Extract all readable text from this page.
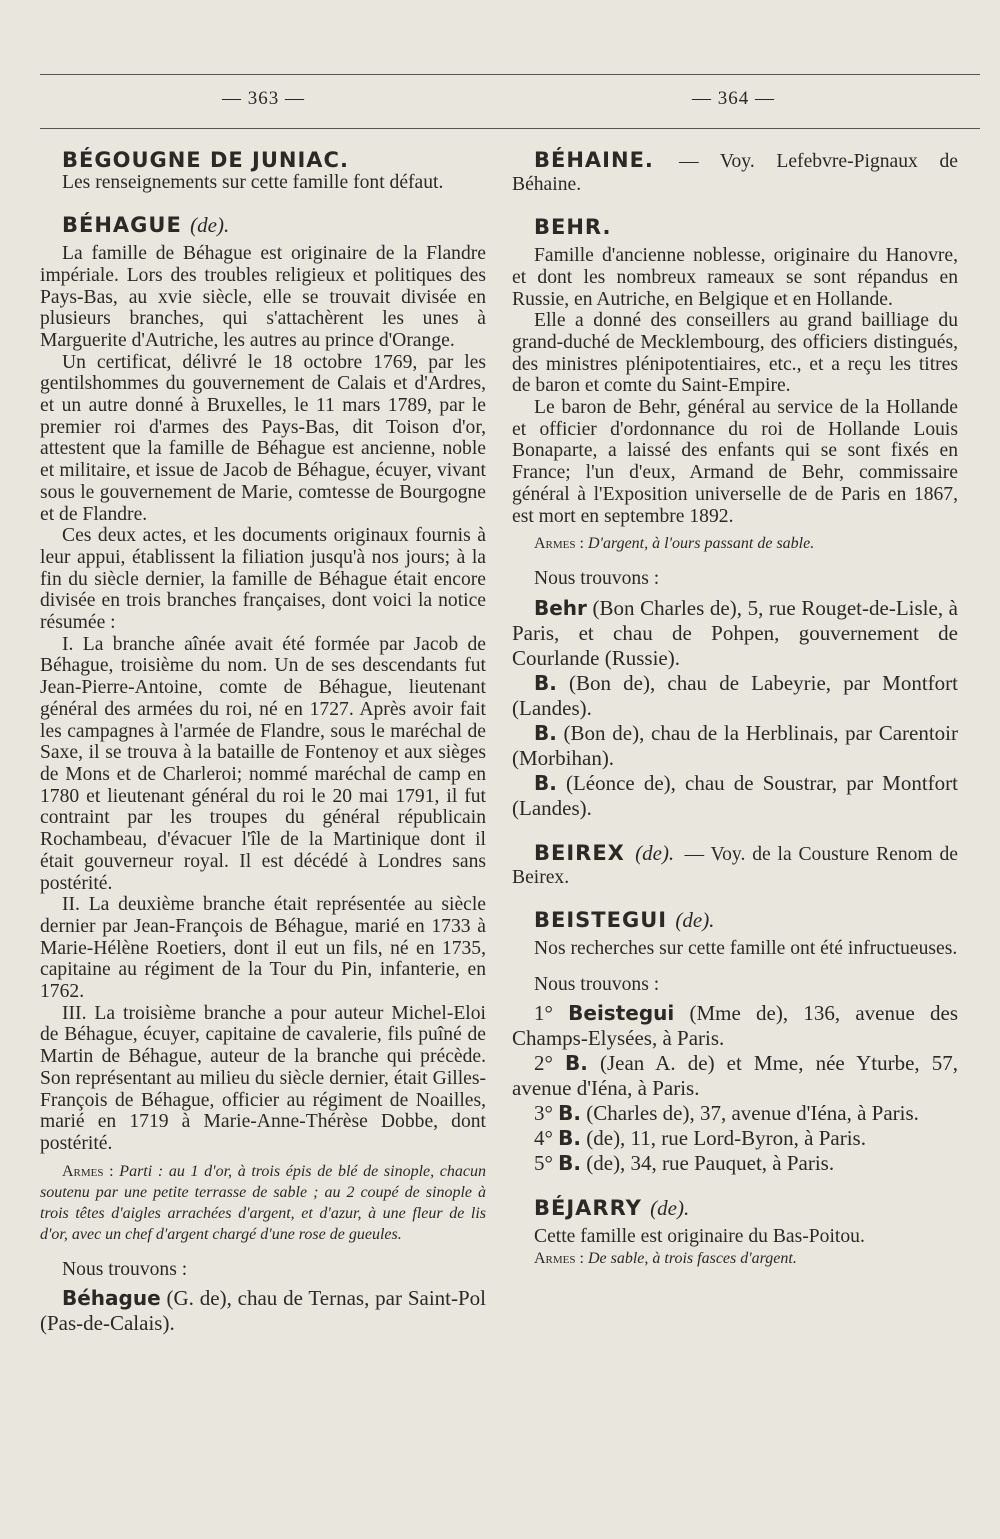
— 363 —	— 364 —

BÉGOUGNE DE JUNIAC.

Les renseignements sur cette famille font défaut.

BÉHAGUE (de).

La famille de Béhague est originaire de la Flandre impériale. Lors des troubles religieux et politiques des Pays-Bas, au xvie siècle, elle se trouvait divisée en plusieurs branches, qui s'attachèrent les unes à Marguerite d'Autriche, les autres au prince d'Orange.

Un certificat, délivré le 18 octobre 1769, par les gentilshommes du gouvernement de Calais et d'Ardres, et un autre donné à Bruxelles, le 11 mars 1789, par le premier roi d'armes des Pays-Bas, dit Toison d'or, attestent que la famille de Béhague est ancienne, noble et militaire, et issue de Jacob de Béhague, écuyer, vivant sous le gouvernement de Marie, comtesse de Bourgogne et de Flandre.

Ces deux actes, et les documents originaux fournis à leur appui, établissent la filiation jusqu'à nos jours; à la fin du siècle dernier, la famille de Béhague était encore divisée en trois branches françaises, dont voici la notice résumée :

I. La branche aînée avait été formée par Jacob de Béhague, troisième du nom. Un de ses descendants fut Jean-Pierre-Antoine, comte de Béhague, lieutenant général des armées du roi, né en 1727. Après avoir fait les campagnes à l'armée de Flandre, sous le maréchal de Saxe, il se trouva à la bataille de Fontenoy et aux sièges de Mons et de Charleroi; nommé maréchal de camp en 1780 et lieutenant général du roi le 20 mai 1791, il fut contraint par les troupes du général républicain Rochambeau, d'évacuer l'île de la Martinique dont il était gouverneur royal. Il est décédé à Londres sans postérité.

II. La deuxième branche était représentée au siècle dernier par Jean-François de Béhague, marié en 1733 à Marie-Hélène Roetiers, dont il eut un fils, né en 1735, capitaine au régiment de la Tour du Pin, infanterie, en 1762.

III. La troisième branche a pour auteur Michel-Eloi de Béhague, écuyer, capitaine de cavalerie, fils puîné de Martin de Béhague, auteur de la branche qui précède. Son représentant au milieu du siècle dernier, était Gilles-François de Béhague, officier au régiment de Noailles, marié en 1719 à Marie-Anne-Thérèse Dobbe, dont postérité.

Armes : Parti : au 1 d'or, à trois épis de blé de sinople, chacun soutenu par une petite terrasse de sable ; au 2 coupé de sinople à trois têtes d'aigles arrachées d'argent, et d'azur, à une fleur de lis d'or, avec un chef d'argent chargé d'une rose de gueules.

Nous trouvons :

Béhague (G. de), chau de Ternas, par Saint-Pol (Pas-de-Calais).

BÉHAINE. — Voy. Lefebvre-Pignaux de Béhaine.

BEHR.

Famille d'ancienne noblesse, originaire du Hanovre, et dont les nombreux rameaux se sont répandus en Russie, en Autriche, en Belgique et en Hollande.

Elle a donné des conseillers au grand bailliage du grand-duché de Mecklembourg, des officiers distingués, des ministres plénipotentiaires, etc., et a reçu les titres de baron et comte du Saint-Empire.

Le baron de Behr, général au service de la Hollande et officier d'ordonnance du roi de Hollande Louis Bonaparte, a laissé des enfants qui se sont fixés en France; l'un d'eux, Armand de Behr, commissaire général à l'Exposition universelle de de Paris en 1867, est mort en septembre 1892.

Armes : D'argent, à l'ours passant de sable.

Nous trouvons :

Behr (Bon Charles de), 5, rue Rouget-de-Lisle, à Paris, et chau de Pohpen, gouvernement de Courlande (Russie).

B. (Bon de), chau de Labeyrie, par Montfort (Landes).

B. (Bon de), chau de la Herblinais, par Carentoir (Morbihan).

B. (Léonce de), chau de Soustrar, par Montfort (Landes).

BEIREX (de). — Voy. de la Cousture Renom de Beirex.

BEISTEGUI (de).

Nos recherches sur cette famille ont été infructueuses.

Nous trouvons :

1° Beistegui (Mme de), 136, avenue des Champs-Elysées, à Paris.

2° B. (Jean A. de) et Mme, née Yturbe, 57, avenue d'Iéna, à Paris.

3° B. (Charles de), 37, avenue d'Iéna, à Paris.

4° B. (de), 11, rue Lord-Byron, à Paris.

5° B. (de), 34, rue Pauquet, à Paris.

BÉJARRY (de).

Cette famille est originaire du Bas-Poitou.

Armes : De sable, à trois fasces d'argent.
